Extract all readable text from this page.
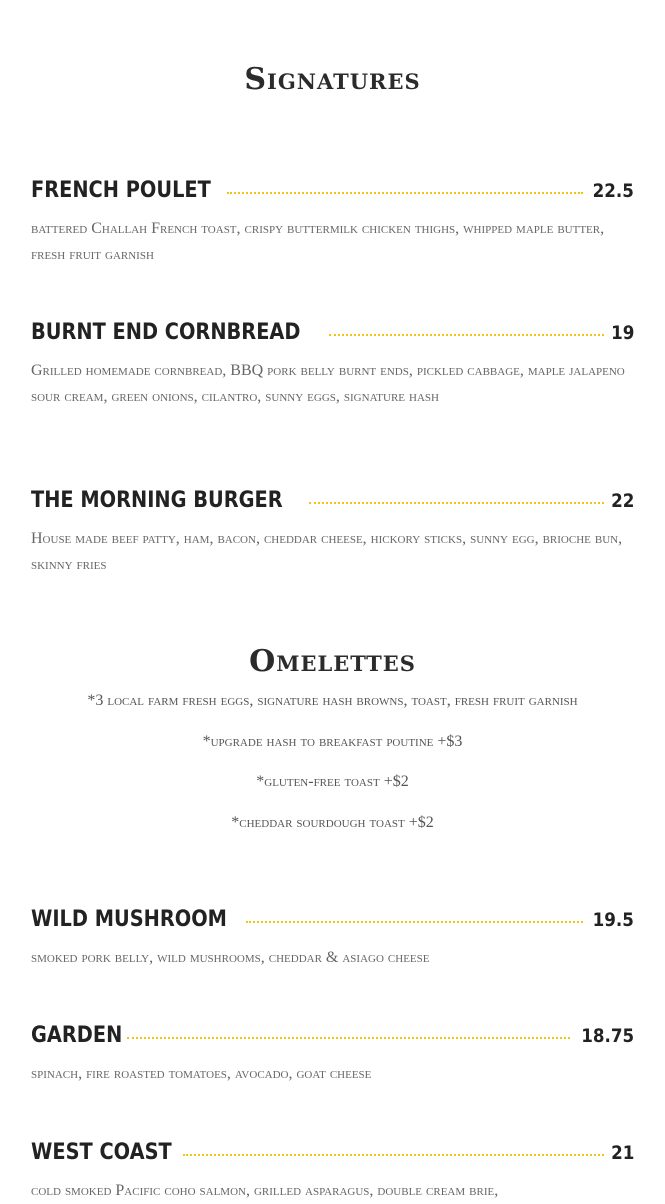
Signatures
FRENCH POULET	22.5
battered Challah French toast, crispy buttermilk chicken thighs, whipped maple butter, fresh fruit garnish
BURNT END CORNBREAD	19
Grilled homemade cornbread, BBQ pork belly burnt ends, pickled cabbage, maple jalapeno sour cream, green onions, cilantro, sunny eggs, signature hash
THE MORNING BURGER	22
House made beef patty, ham, bacon, cheddar cheese, hickory sticks, sunny egg, brioche bun, skinny fries
Omelettes

*3 local farm fresh eggs, signature hash browns, toast, fresh fruit garnish

*upgrade hash to breakfast poutine +$3

*gluten-free toast +$2

*cheddar sourdough toast +$2

WILD MUSHROOM	19.5
smoked pork belly, wild mushrooms, cheddar & asiago cheese
GARDEN	18.75
spinach, fire roasted tomatoes, avocado, goat cheese
WEST COAST	21
cold smoked Pacific coho salmon, grilled asparagus, double cream brie,
